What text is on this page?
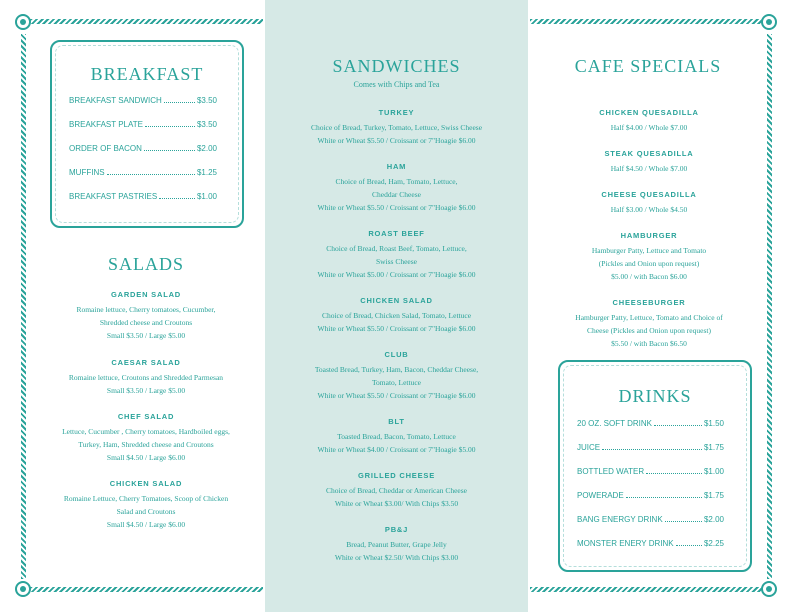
BREAKFAST
BREAKFAST SANDWICH	$3.50
BREAKFAST PLATE	$3.50
ORDER OF BACON	$2.00
MUFFINS	$1.25
BREAKFAST PASTRIES	$1.00
SALADS
GARDEN SALAD
Romaine lettuce, Cherry tomatoes, Cucumber,
Shredded cheese and Croutons
Small $3.50 / Large $5.00
CAESAR SALAD
Romaine lettuce, Croutons and Shredded Parmesan
Small $3.50 / Large $5.00
CHEF SALAD
Lettuce, Cucumber , Cherry tomatoes, Hardboiled eggs,
Turkey, Ham, Shredded cheese and Croutons
Small $4.50 / Large $6.00
CHICKEN SALAD
Romaine Lettuce, Cherry Tomatoes, Scoop of Chicken
Salad and Croutons
Small $4.50 / Large $6.00
SANDWICHES
Comes with Chips and Tea
TURKEY
Choice of Bread, Turkey, Tomato, Lettuce, Swiss Cheese
White or Wheat $5.50 / Croissant or 7"Hoagie $6.00
HAM
Choice of Bread, Ham, Tomato, Lettuce,
Cheddar Cheese
White or Wheat $5.50 / Croissant or 7"Hoagie $6.00
ROAST BEEF
Choice of Bread, Roast Beef, Tomato, Lettuce,
Swiss Cheese
White or Wheat $5.00 / Croissant or 7"Hoagie $6.00
CHICKEN SALAD
Choice of Bread, Chicken Salad, Tomato, Lettuce
White or Wheat $5.50 / Croissant or 7"Hoagie $6.00
CLUB
Toasted Bread, Turkey, Ham, Bacon, Cheddar Cheese,
Tomato, Lettuce
White or Wheat $5.50 / Croissant or 7"Hoagie $6.00
BLT
Toasted Bread, Bacon, Tomato, Lettuce
White or Wheat $4.00 / Croissant or 7"Hoagie $5.00
GRILLED CHEESE
Choice of Bread, Cheddar or American Cheese
White or Wheat $3.00/ With Chips $3.50
PB&J
Bread, Peanut Butter, Grape Jelly
White or Wheat $2.50/ With Chips $3.00
CAFE SPECIALS
CHICKEN QUESADILLA
Half $4.00 / Whole $7.00
STEAK QUESADILLA
Half $4.50 / Whole $7.00
CHEESE QUESADILLA
Half $3.00 / Whole $4.50
HAMBURGER
Hamburger Patty, Lettuce and Tomato
(Pickles and Onion upon request)
$5.00 / with Bacon $6.00
CHEESEBURGER
Hamburger Patty, Lettuce, Tomato and Choice of
Cheese (Pickles and Onion upon request)
$5.50 / with Bacon $6.50
DRINKS
20 OZ. SOFT DRINK	$1.50
JUICE	$1.75
BOTTLED WATER	$1.00
POWERADE	$1.75
BANG ENERGY DRINK	$2.00
MONSTER ENERY DRINK	$2.25
